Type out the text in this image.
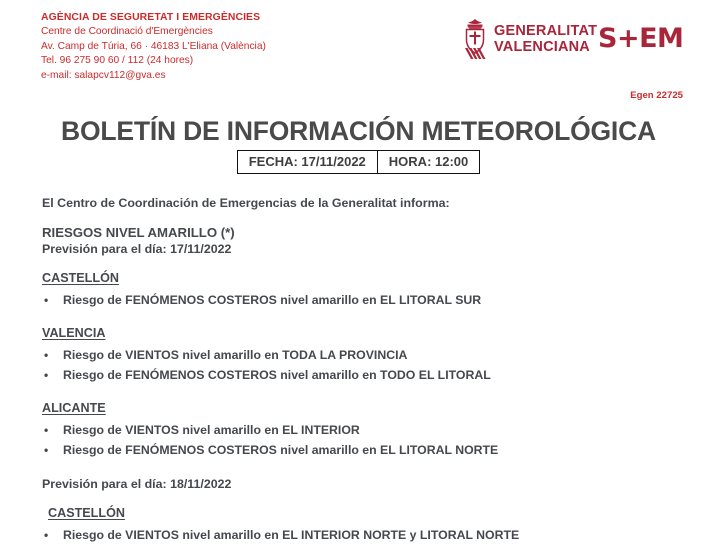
AGÈNCIA DE SEGURETAT I EMERGÈNCIES
Centre de Coordinació d'Emergències
Av. Camp de Túria, 66 · 46183 L'Eliana (València)
Tel. 96 275 90 60 / 112 (24 hores)
e-mail: salapcv112@gva.es
GENERALITAT
VALENCIANA S+EM
Egen 22725
BOLETÍN DE INFORMACIÓN METEOROLÓGICA
FECHA: 17/11/2022	HORA: 12:00
El Centro de Coordinación de Emergencias de la Generalitat informa:
RIESGOS NIVEL AMARILLO (*)
Previsión para el día: 17/11/2022
CASTELLÓN
• Riesgo de FENÓMENOS COSTEROS nivel amarillo en EL LITORAL SUR
VALENCIA
• Riesgo de VIENTOS nivel amarillo en TODA LA PROVINCIA
• Riesgo de FENÓMENOS COSTEROS nivel amarillo en TODO EL LITORAL
ALICANTE
• Riesgo de VIENTOS nivel amarillo en EL INTERIOR
• Riesgo de FENÓMENOS COSTEROS nivel amarillo en EL LITORAL NORTE
Previsión para el día: 18/11/2022
CASTELLÓN
• Riesgo de VIENTOS nivel amarillo en EL INTERIOR NORTE y LITORAL NORTE
